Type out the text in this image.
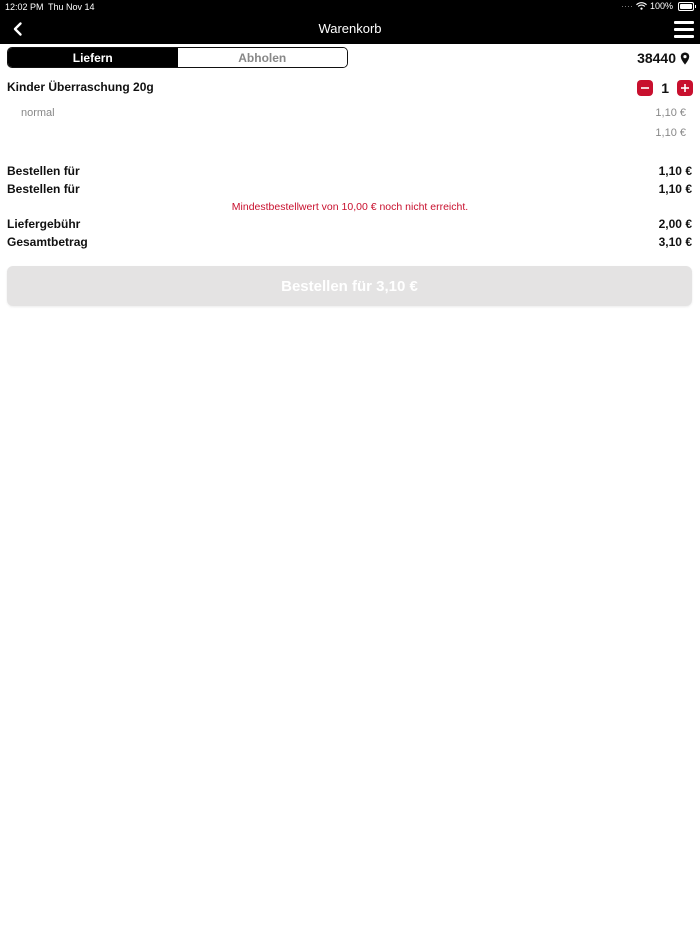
12:02 PM Thu Nov 14	···· 100%
Warenkorb
Liefern	Abholen	38440
Kinder Überraschung 20g	1
normal	1,10 €
1,10 €
Bestellen für	1,10 €
Bestellen für	1,10 €
Mindestbestellwert von 10,00 € noch nicht erreicht.
Liefergebühr	2,00 €
Gesamtbetrag	3,10 €
Bestellen für 3,10 €
